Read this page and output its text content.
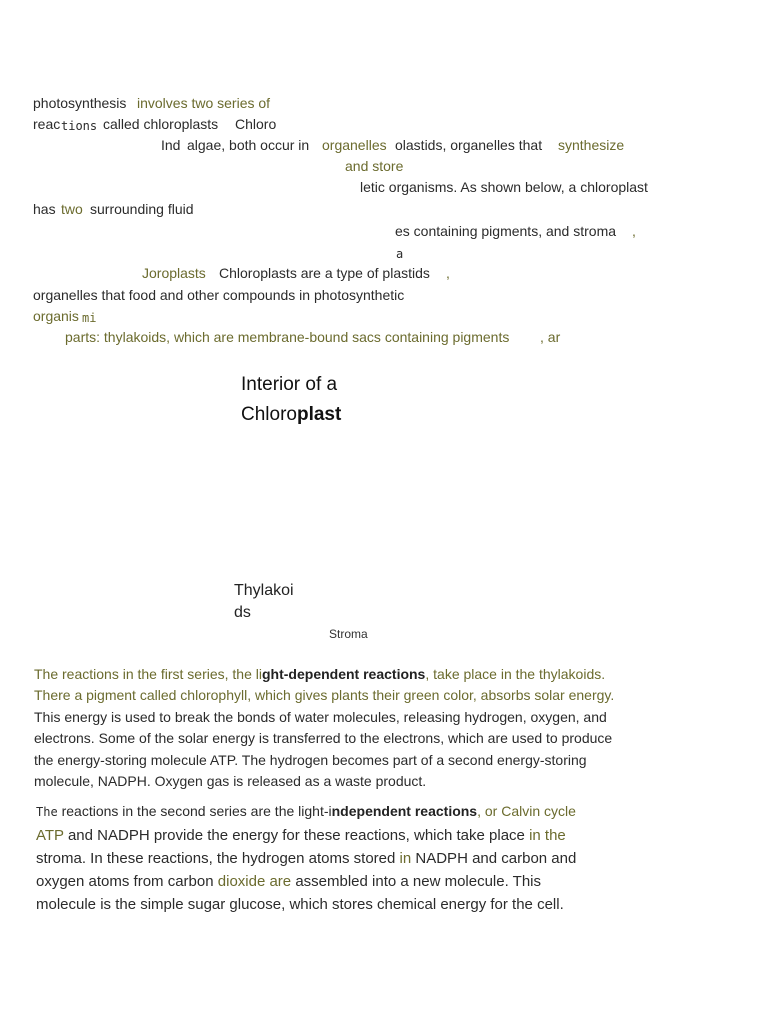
photosynthesis involves two series of
reac tions called chloroplasts Chloro
Ind algae, both occur in organelles olastids, organelles that synthesize
and store
letic organisms. As shown below, a chloroplast
has two surrounding fluid
es containing pigments, and stroma ,
a
Joroplasts Chloroplasts are a type of plastids ,
organelles that food and other compounds in photosynthetic
organis mi
parts: thylakoids, which are membrane-bound sacs containing pigments , ar
Interior of a
Chloroplast
Thylakoi
ds
Stroma
The reactions in the first series, the light-dependent reactions, take place in the thylakoids.
There a pigment called chlorophyll, which gives plants their green color, absorbs solar energy.
This energy is used to break the bonds of water molecules, releasing hydrogen, oxygen, and
electrons. Some of the solar energy is transferred to the electrons, which are used to produce
the energy-storing molecule ATP. The hydrogen becomes part of a second energy-storing
molecule, NADPH. Oxygen gas is released as a waste product.
The reactions in the second series are the light-independent reactions, or Calvin cycle
ATP and NADPH provide the energy for these reactions, which take place in the
stroma. In these reactions, the hydrogen atoms stored in NADPH and carbon and
oxygen atoms from carbon dioxide are assembled into a new molecule. This
molecule is the simple sugar glucose, which stores chemical energy for the cell.
